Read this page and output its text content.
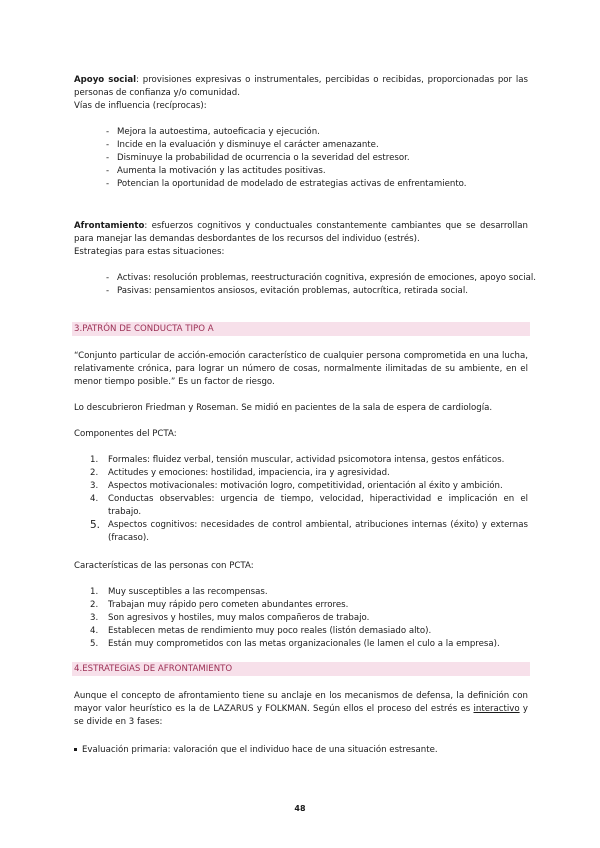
Apoyo social: provisiones expresivas o instrumentales, percibidas o recibidas, proporcionadas por las personas de confianza y/o comunidad.

Vías de influencia (recíprocas):

- Mejora la autoestima, autoeficacia y ejecución.
- Incide en la evaluación y disminuye el carácter amenazante.
- Disminuye la probabilidad de ocurrencia o la severidad del estresor.
- Aumenta la motivación y las actitudes positivas.
- Potencian la oportunidad de modelado de estrategias activas de enfrentamiento.

Afrontamiento: esfuerzos cognitivos y conductuales constantemente cambiantes que se desarrollan para manejar las demandas desbordantes de los recursos del individuo (estrés).

Estrategias para estas situaciones:

- Activas: resolución problemas, reestructuración cognitiva, expresión de emociones, apoyo social.
- Pasivas: pensamientos ansiosos, evitación problemas, autocrítica, retirada social.
3.PATRÓN DE CONDUCTA TIPO A

“Conjunto particular de acción-emoción característico de cualquier persona comprometida en una lucha, relativamente crónica, para lograr un número de cosas, normalmente ilimitadas de su ambiente, en el menor tiempo posible.” Es un factor de riesgo.

Lo descubrieron Friedman y Roseman. Se midió en pacientes de la sala de espera de cardiología.

Componentes del PCTA:

1. Formales: fluidez verbal, tensión muscular, actividad psicomotora intensa, gestos enfáticos.
2. Actitudes y emociones: hostilidad, impaciencia, ira y agresividad.
3. Aspectos motivacionales: motivación logro, competitividad, orientación al éxito y ambición.
4. Conductas observables: urgencia de tiempo, velocidad, hiperactividad e implicación en el trabajo.
5. Aspectos cognitivos: necesidades de control ambiental, atribuciones internas (éxito) y externas (fracaso).

Características de las personas con PCTA:

1. Muy susceptibles a las recompensas.
2. Trabajan muy rápido pero cometen abundantes errores.
3. Son agresivos y hostiles, muy malos compañeros de trabajo.
4. Establecen metas de rendimiento muy poco reales (listón demasiado alto).
5. Están muy comprometidos con las metas organizacionales (le lamen el culo a la empresa).
4.ESTRATEGIAS DE AFRONTAMIENTO

Aunque el concepto de afrontamiento tiene su anclaje en los mecanismos de defensa, la definición con mayor valor heurístico es la de LAZARUS y FOLKMAN. Según ellos el proceso del estrés es interactivo y se divide en 3 fases:

Evaluación primaria: valoración que el individuo hace de una situación estresante.

48
